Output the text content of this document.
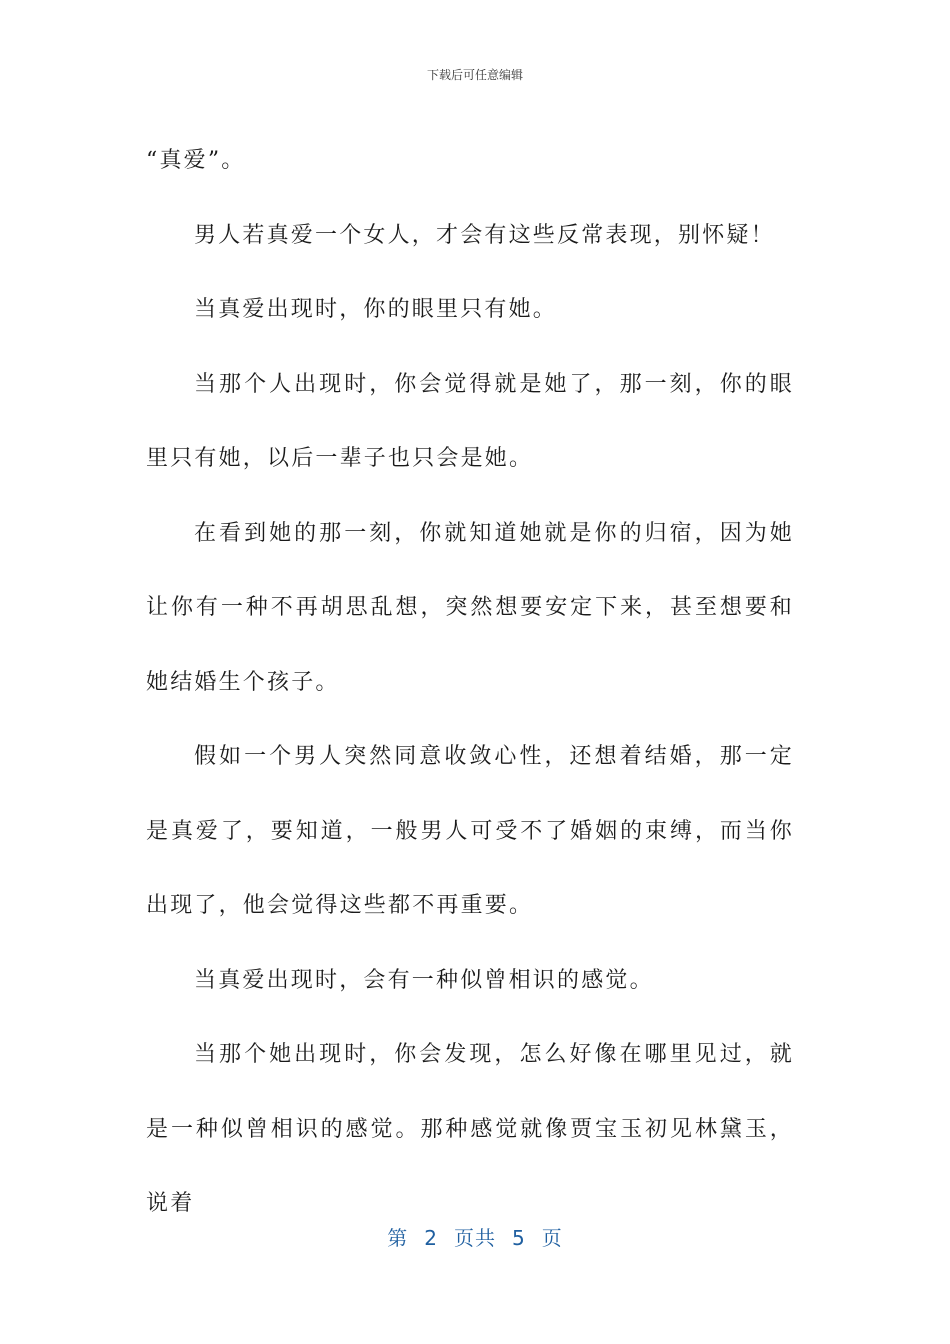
下载后可任意编辑

“真爱”。

男人若真爱一个女人，才会有这些反常表现，别怀疑！

当真爱出现时，你的眼里只有她。

当那个人出现时，你会觉得就是她了，那一刻，你的眼里只有她，以后一辈子也只会是她。

在看到她的那一刻，你就知道她就是你的归宿，因为她让你有一种不再胡思乱想，突然想要安定下来，甚至想要和她结婚生个孩子。

假如一个男人突然同意收敛心性，还想着结婚，那一定是真爱了，要知道，一般男人可受不了婚姻的束缚，而当你出现了，他会觉得这些都不再重要。

当真爱出现时，会有一种似曾相识的感觉。

当那个她出现时，你会发现，怎么好像在哪里见过，就是一种似曾相识的感觉。那种感觉就像贾宝玉初见林黛玉，说着

第 2 页共 5 页
